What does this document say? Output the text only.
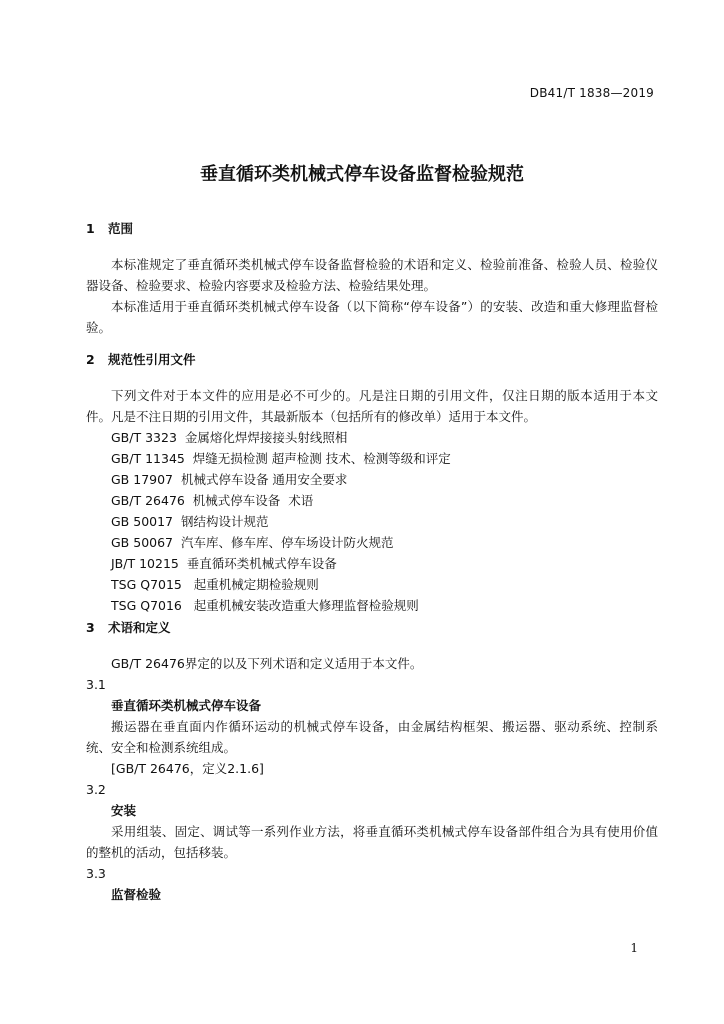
DB41/T 1838—2019
垂直循环类机械式停车设备监督检验规范
1 范围

本标准规定了垂直循环类机械式停车设备监督检验的术语和定义、检验前准备、检验人员、检验仪器设备、检验要求、检验内容要求及检验方法、检验结果处理。

本标准适用于垂直循环类机械式停车设备（以下简称“停车设备”）的安装、改造和重大修理监督检验。

2 规范性引用文件

下列文件对于本文件的应用是必不可少的。凡是注日期的引用文件，仅注日期的版本适用于本文件。凡是不注日期的引用文件，其最新版本（包括所有的修改单）适用于本文件。

GB/T 3323  金属熔化焊焊接接头射线照相

GB/T 11345  焊缝无损检测 超声检测 技术、检测等级和评定

GB 17907  机械式停车设备 通用安全要求

GB/T 26476  机械式停车设备  术语

GB 50017  钢结构设计规范

GB 50067  汽车库、修车库、停车场设计防火规范

JB/T 10215  垂直循环类机械式停车设备

TSG Q7015   起重机械定期检验规则

TSG Q7016   起重机械安装改造重大修理监督检验规则

3 术语和定义

GB/T 26476界定的以及下列术语和定义适用于本文件。

3.1

垂直循环类机械式停车设备

搬运器在垂直面内作循环运动的机械式停车设备，由金属结构框架、搬运器、驱动系统、控制系统、安全和检测系统组成。

[GB/T 26476，定义2.1.6]

3.2

安装

采用组装、固定、调试等一系列作业方法，将垂直循环类机械式停车设备部件组合为具有使用价值的整机的活动，包括移装。

3.3

监督检验

1
